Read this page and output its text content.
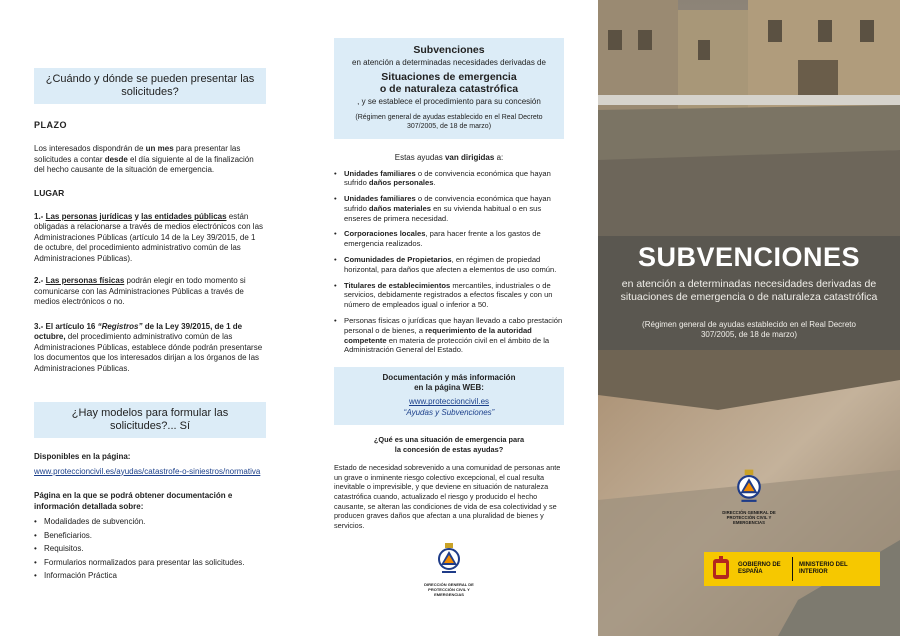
¿Cuándo y dónde se pueden presentar las solicitudes?
PLAZO

Los interesados dispondrán de un mes para presentar las solicitudes a contar desde el día siguiente al de la finalización del hecho causante de la situación de emergencia.

LUGAR

1.- Las personas jurídicas y las entidades públicas están obligadas a relacionarse a través de medios electrónicos con las Administraciones Públicas (artículo 14 de la Ley 39/2015, de 1 de octubre, del procedimiento administrativo común de las Administraciones Públicas).

2.- Las personas físicas podrán elegir en todo momento si comunicarse con las Administraciones Públicas a través de medios electrónicos o no.

3.- El artículo 16 “Registros” de la Ley 39/2015, de 1 de octubre, del procedimiento administrativo común de las Administraciones Públicas, establece dónde podrán presentarse los documentos que los interesados dirijan a los órganos de las Administraciones Públicas.

¿Hay modelos para formular las solicitudes?... Sí

Disponibles en la página:

www.proteccioncivil.es/ayudas/catastrofe-o-siniestros/normativa

Página en la que se podrá obtener documentación e información detallada sobre:

• Modalidades de subvención.
• Beneficiarios.
• Requisitos.
• Formularios normalizados para presentar las solicitudes.
• Información Práctica
Subvenciones
en atención a determinadas necesidades derivadas de
Situaciones de emergencia
o de naturaleza catastrófica
, y se establece el procedimiento para su concesión
(Régimen general de ayudas establecido en el Real Decreto 307/2005, de 18 de marzo)

Estas ayudas van dirigidas a:

• Unidades familiares o de convivencia económica que hayan sufrido daños personales.
• Unidades familiares o de convivencia económica que hayan sufrido daños materiales en su vivienda habitual o en sus enseres de primera necesidad.
• Corporaciones locales, para hacer frente a los gastos de emergencia realizados.
• Comunidades de Propietarios, en régimen de propiedad horizontal, para daños que afecten a elementos de uso común.
• Titulares de establecimientos mercantiles, industriales o de servicios, debidamente registrados a efectos fiscales y con un número de empleados igual o inferior a 50.
• Personas físicas o jurídicas que hayan llevado a cabo prestación personal o de bienes, a requerimiento de la autoridad competente en materia de protección civil en el ámbito de la Administración General del Estado.
Documentación y más información en la página WEB:
www.proteccioncivil.es
“Ayudas y Subvenciones”

¿Qué es una situación de emergencia para la concesión de estas ayudas?

Estado de necesidad sobrevenido a una comunidad de personas ante un grave o inminente riesgo colectivo excepcional, el cual resulta inevitable o imprevisible, y que deviene en situación de naturaleza catastrófica cuando, actualizado el riesgo y producido el hecho causante, se alteran las condiciones de vida de esa colectividad y se producen graves daños que afectan a una pluralidad de bienes y servicios.

DIRECCIÓN GENERAL DE PROTECCIÓN CIVIL Y EMERGENCIAS
SUBVENCIONES
en atención a determinadas necesidades derivadas de situaciones de emergencia o de naturaleza catastrófica
(Régimen general de ayudas establecido en el Real Decreto 307/2005, de 18 de marzo)
DIRECCIÓN GENERAL DE PROTECCIÓN CIVIL Y EMERGENCIAS
GOBIERNO DE ESPAÑA
MINISTERIO DEL INTERIOR
